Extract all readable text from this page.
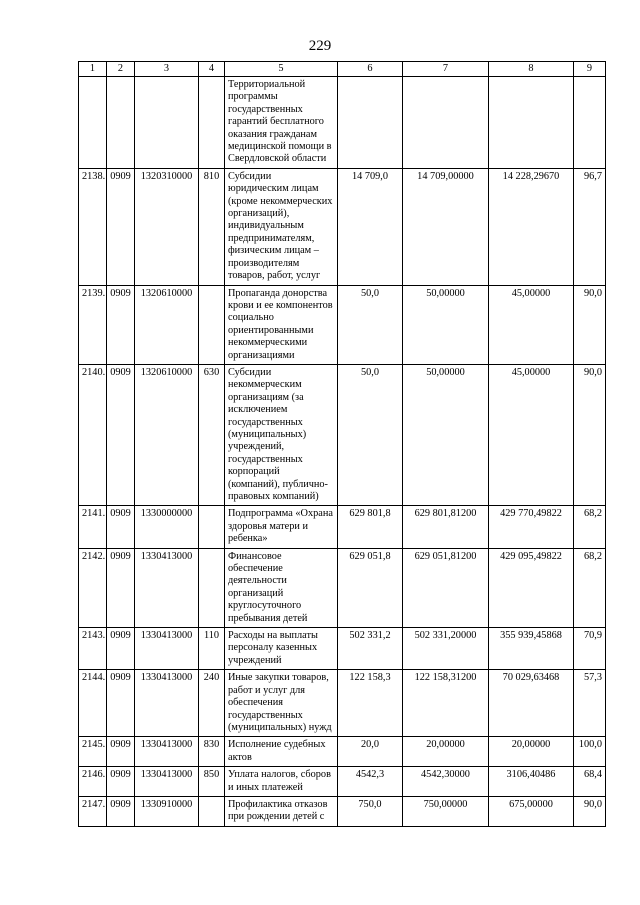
229
1	2	3	4	5	6	7	8	9
				Территориальной программы государственных гарантий бесплатного оказания гражданам медицинской помощи в Свердловской области				
2138.	0909	1320310000	810	Субсидии юридическим лицам (кроме некоммерческих организаций), индивидуальным предпринимателям, физическим лицам – производителям товаров, работ, услуг	14 709,0	14 709,00000	14 228,29670	96,7
2139.	0909	1320610000		Пропаганда донорства крови и ее компонентов социально ориентированными некоммерческими организациями	50,0	50,00000	45,00000	90,0
2140.	0909	1320610000	630	Субсидии некоммерческим организациям (за исключением государственных (муниципальных) учреждений, государственных корпораций (компаний), публично-правовых компаний)	50,0	50,00000	45,00000	90,0
2141.	0909	1330000000		Подпрограмма «Охрана здоровья матери и ребенка»	629 801,8	629 801,81200	429 770,49822	68,2
2142.	0909	1330413000		Финансовое обеспечение деятельности организаций круглосуточного пребывания детей	629 051,8	629 051,81200	429 095,49822	68,2
2143.	0909	1330413000	110	Расходы на выплаты персоналу казенных учреждений	502 331,2	502 331,20000	355 939,45868	70,9
2144.	0909	1330413000	240	Иные закупки товаров, работ и услуг для обеспечения государственных (муниципальных) нужд	122 158,3	122 158,31200	70 029,63468	57,3
2145.	0909	1330413000	830	Исполнение судебных актов	20,0	20,00000	20,00000	100,0
2146.	0909	1330413000	850	Уплата налогов, сборов и иных платежей	4542,3	4542,30000	3106,40486	68,4
2147.	0909	1330910000		Профилактика отказов при рождении детей с	750,0	750,00000	675,00000	90,0
